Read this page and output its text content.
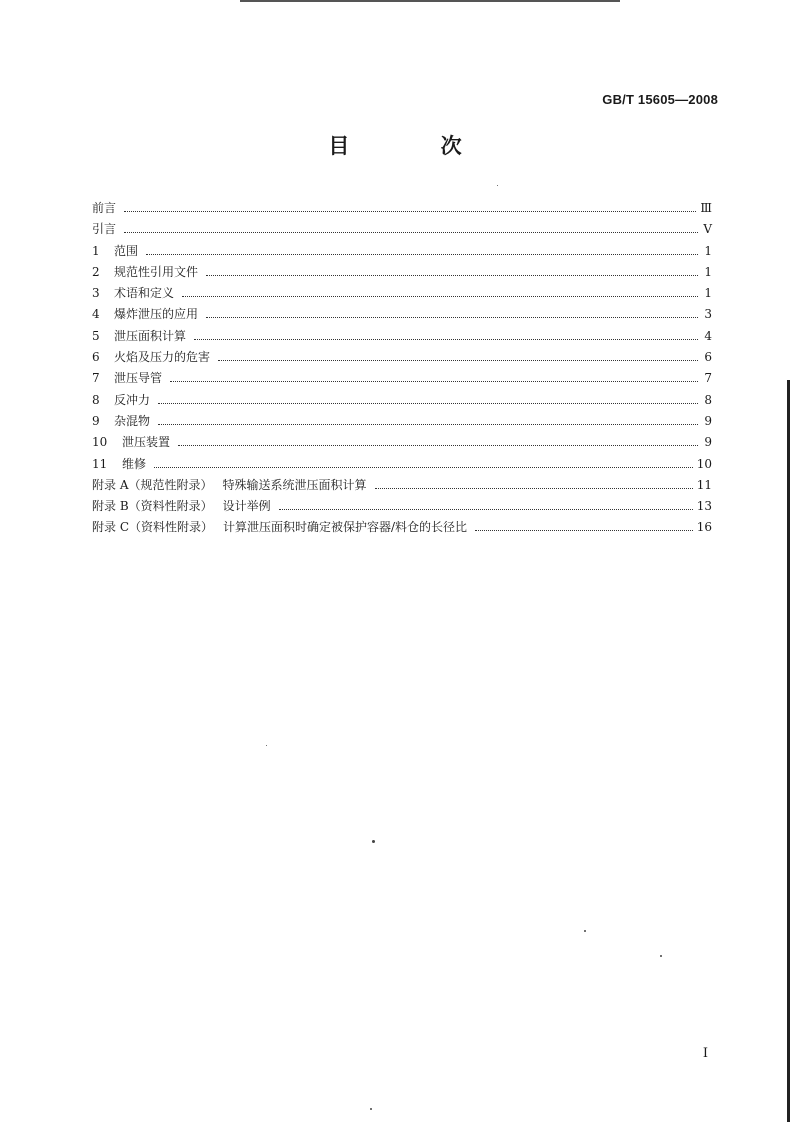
GB/T 15605—2008
目 次
前言	Ⅲ
引言	Ⅴ
1	范围	1
2	规范性引用文件	1
3	术语和定义	1
4	爆炸泄压的应用	3
5	泄压面积计算	4
6	火焰及压力的危害	6
7	泄压导管	7
8	反冲力	8
9	杂混物	9
10	泄压装置	9
11	维修	10
附录 A（规范性附录） 特殊输送系统泄压面积计算	11
附录 B（资料性附录） 设计举例	13
附录 C（资料性附录） 计算泄压面积时确定被保护容器/料仓的长径比	16
I
